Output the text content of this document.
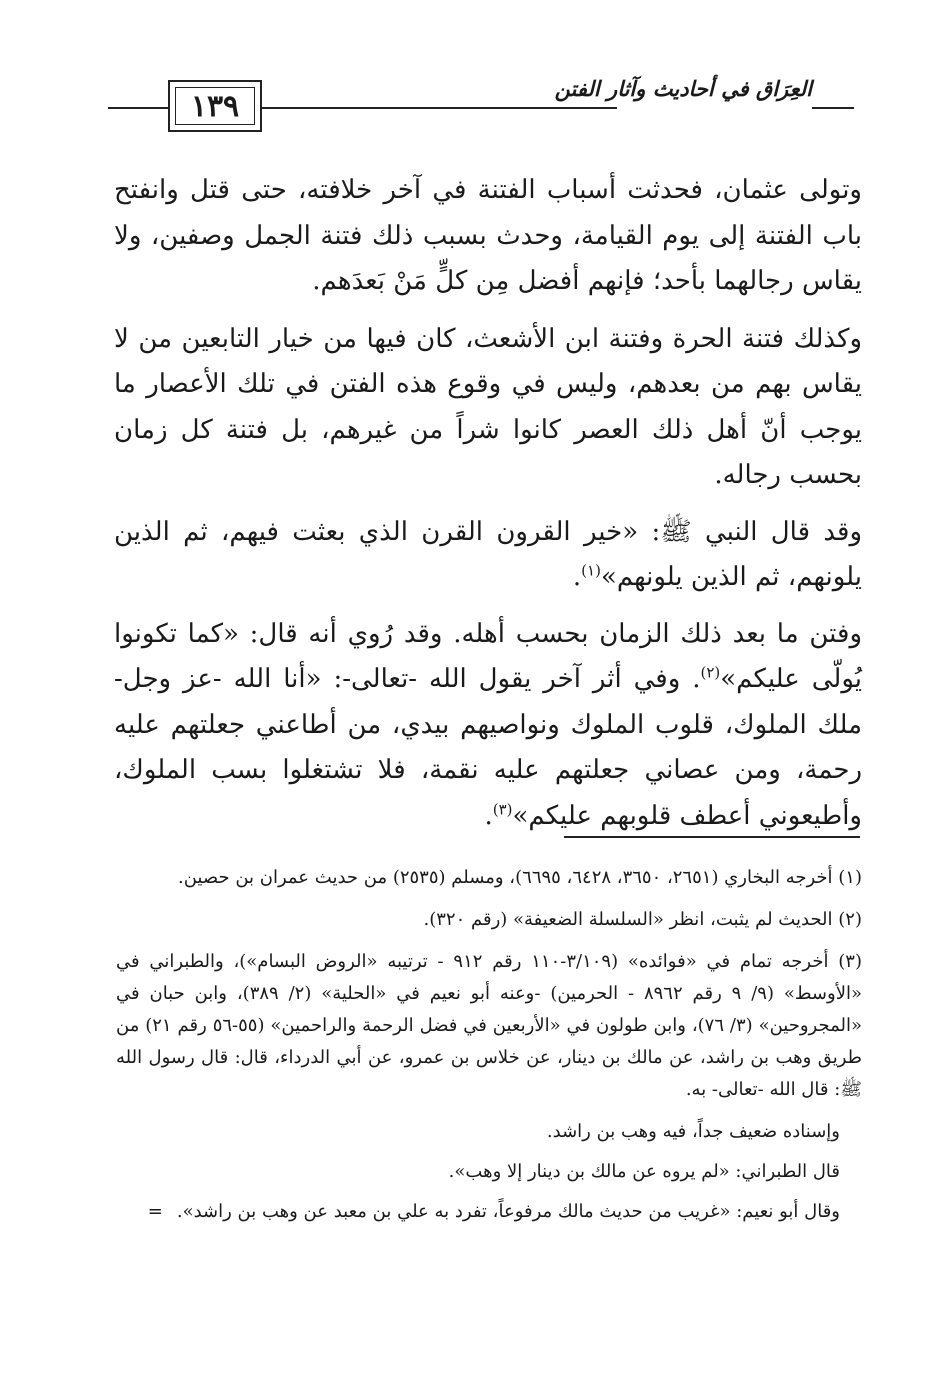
١٣٩	العِرَاق في أحاديث وآثار الفتن

وتولى عثمان، فحدثت أسباب الفتنة في آخر خلافته، حتى قتل وانفتح باب الفتنة إلى يوم القيامة، وحدث بسبب ذلك فتنة الجمل وصفين، ولا يقاس رجالهما بأحد؛ فإنهم أفضل مِن كلٍّ مَنْ بَعدَهم.

وكذلك فتنة الحرة وفتنة ابن الأشعث، كان فيها من خيار التابعين من لا يقاس بهم من بعدهم، وليس في وقوع هذه الفتن في تلك الأعصار ما يوجب أنّ أهل ذلك العصر كانوا شراً من غيرهم، بل فتنة كل زمان بحسب رجاله.

وقد قال النبي ﷺ: «خير القرون القرن الذي بعثت فيهم، ثم الذين يلونهم، ثم الذين يلونهم»$^{(١)}$.

وفتن ما بعد ذلك الزمان بحسب أهله. وقد رُوي أنه قال: «كما تكونوا يُولّى عليكم»$^{(٢)}$. وفي أثر آخر يقول الله -تعالى-: «أنا الله -عز وجل- ملك الملوك، قلوب الملوك ونواصيهم بيدي، من أطاعني جعلتهم عليه رحمة، ومن عصاني جعلتهم عليه نقمة، فلا تشتغلوا بسب الملوك، وأطيعوني أعطف قلوبهم عليكم»$^{(٣)}$.

(١) أخرجه البخاري (٢٦٥١، ٣٦٥٠، ٦٤٢٨، ٦٦٩٥)، ومسلم (٢٥٣٥) من حديث عمران بن حصين.

(٢) الحديث لم يثبت، انظر «السلسلة الضعيفة» (رقم ٣٢٠).

(٣) أخرجه تمام في «فوائده» (٣/١٠٩-١١٠ رقم ٩١٢ - ترتيبه «الروض البسام»)، والطبراني في «الأوسط» (٩/ ٩ رقم ٨٩٦٢ - الحرمين) -وعنه أبو نعيم في «الحلية» (٢/ ٣٨٩)، وابن حبان في «المجروحين» (٣/ ٧٦)، وابن طولون في «الأربعين في فضل الرحمة والراحمين» (٥٥-٥٦ رقم ٢١) من طريق وهب بن راشد، عن مالك بن دينار، عن خلاس بن عمرو، عن أبي الدرداء، قال: قال رسول الله ﷺ: قال الله -تعالى- به.

وإسناده ضعيف جداً، فيه وهب بن راشد.

قال الطبراني: «لم يروه عن مالك بن دينار إلا وهب».

وقال أبو نعيم: «غريب من حديث مالك مرفوعاً، تفرد به علي بن معبد عن وهب بن راشد».=
